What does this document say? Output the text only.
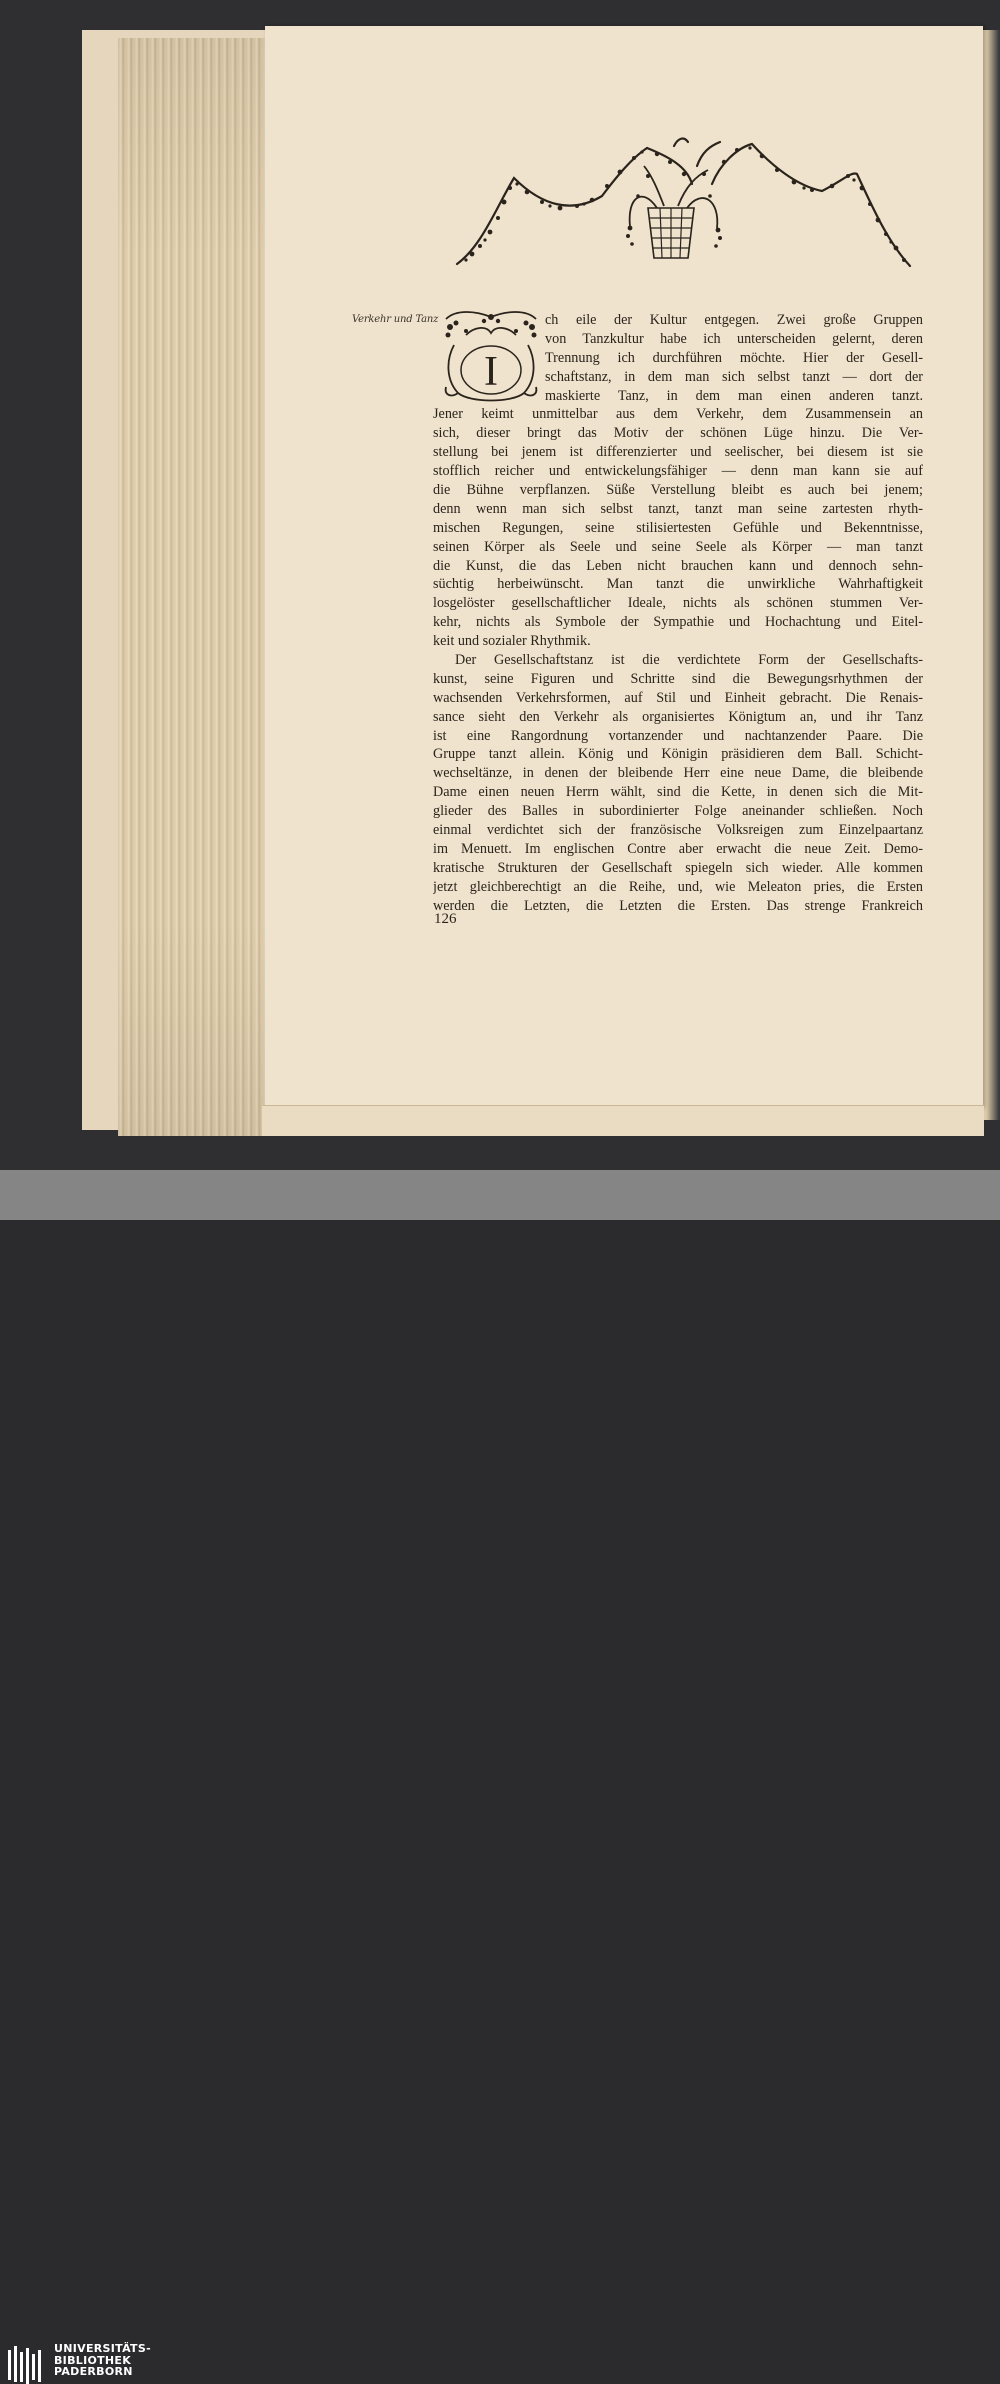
Verkehr und Tanz
I
ch eile der Kultur entgegen. Zwei große Gruppen
von Tanzkultur habe ich unterscheiden gelernt, deren
Trennung ich durchführen möchte. Hier der Gesell-
schaftstanz, in dem man sich selbst tanzt — dort der
maskierte Tanz, in dem man einen anderen tanzt.
Jener keimt unmittelbar aus dem Verkehr, dem Zusammensein an
sich, dieser bringt das Motiv der schönen Lüge hinzu. Die Ver-
stellung bei jenem ist differenzierter und seelischer, bei diesem ist sie
stofflich reicher und entwickelungsfähiger — denn man kann sie auf
die Bühne verpflanzen. Süße Verstellung bleibt es auch bei jenem;
denn wenn man sich selbst tanzt, tanzt man seine zartesten rhyth-
mischen Regungen, seine stilisiertesten Gefühle und Bekenntnisse,
seinen Körper als Seele und seine Seele als Körper — man tanzt
die Kunst, die das Leben nicht brauchen kann und dennoch sehn-
süchtig herbeiwünscht. Man tanzt die unwirkliche Wahrhaftigkeit
losgelöster gesellschaftlicher Ideale, nichts als schönen stummen Ver-
kehr, nichts als Symbole der Sympathie und Hochachtung und Eitel-
keit und sozialer Rhythmik.
Der Gesellschaftstanz ist die verdichtete Form der Gesellschafts-
kunst, seine Figuren und Schritte sind die Bewegungsrhythmen der
wachsenden Verkehrsformen, auf Stil und Einheit gebracht. Die Renais-
sance sieht den Verkehr als organisiertes Königtum an, und ihr Tanz
ist eine Rangordnung vortanzender und nachtanzender Paare. Die
Gruppe tanzt allein. König und Königin präsidieren dem Ball. Schicht-
wechseltänze, in denen der bleibende Herr eine neue Dame, die bleibende
Dame einen neuen Herrn wählt, sind die Kette, in denen sich die Mit-
glieder des Balles in subordinierter Folge aneinander schließen. Noch
einmal verdichtet sich der französische Volksreigen zum Einzelpaartanz
im Menuett. Im englischen Contre aber erwacht die neue Zeit. Demo-
kratische Strukturen der Gesellschaft spiegeln sich wieder. Alle kommen
jetzt gleichberechtigt an die Reihe, und, wie Meleaton pries, die Ersten
werden die Letzten, die Letzten die Ersten. Das strenge Frankreich
126
UNIVERSITÄTS-
BIBLIOTHEK
PADERBORN
